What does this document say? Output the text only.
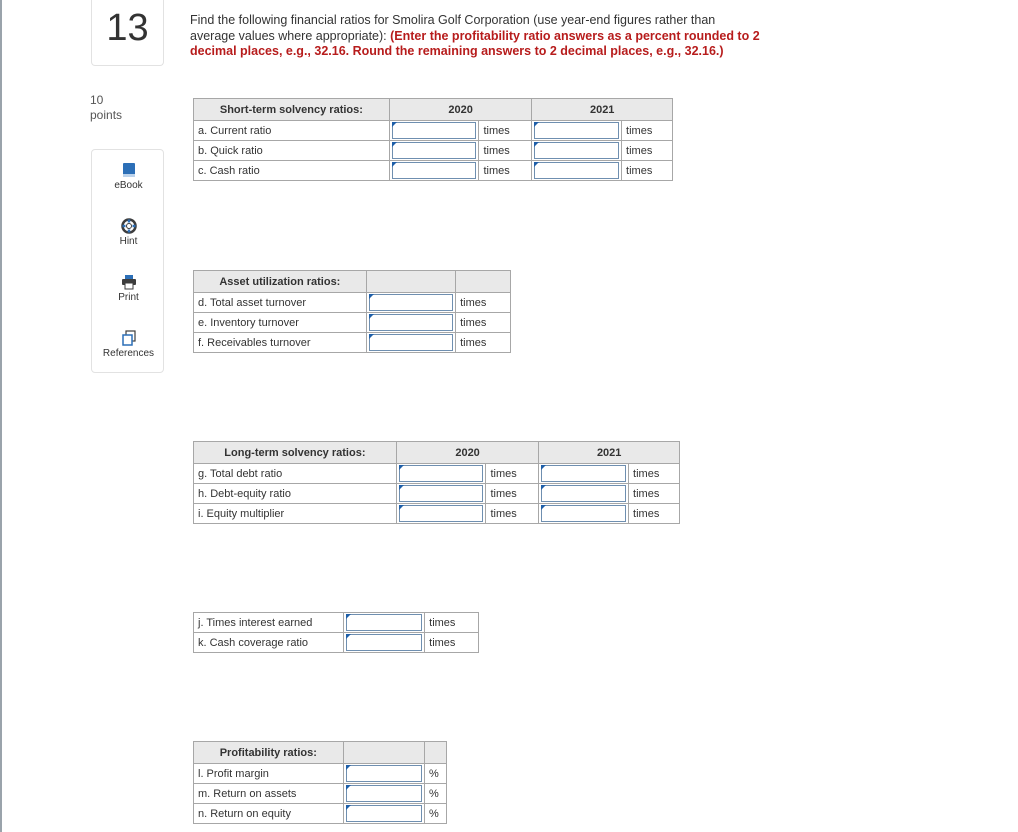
13
10
points
eBook
Hint
Print
References
Find the following financial ratios for Smolira Golf Corporation (use year-end figures rather than average values where appropriate): (Enter the profitability ratio answers as a percent rounded to 2 decimal places, e.g., 32.16. Round the remaining answers to 2 decimal places, e.g., 32.16.)
Short-term solvency ratios:	2020		2021	
a. Current ratio		times		times
b. Quick ratio		times		times
c. Cash ratio		times		times
Asset utilization ratios:		
d. Total asset turnover		times
e. Inventory turnover		times
f. Receivables turnover		times
Long-term solvency ratios:	2020		2021	
g. Total debt ratio		times		times
h. Debt-equity ratio		times		times
i. Equity multiplier		times		times
j. Times interest earned		times
k. Cash coverage ratio		times
Profitability ratios:		
l. Profit margin		%
m. Return on assets		%
n. Return on equity		%
